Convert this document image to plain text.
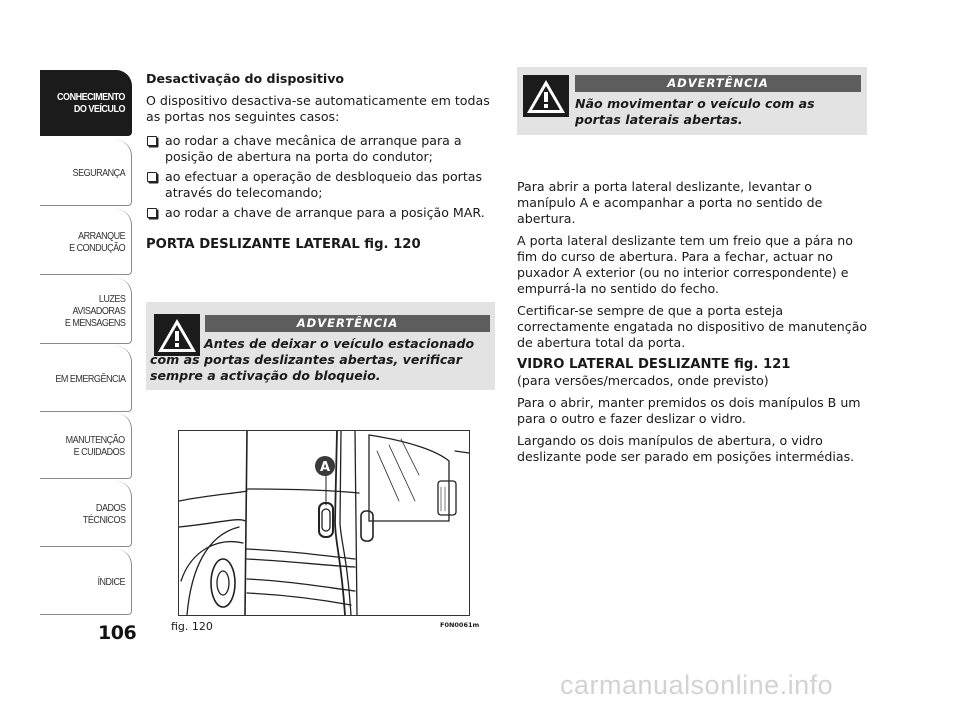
CONHECIMENTO
DO VEÍCULO
SEGURANÇA
ARRANQUE
E CONDUÇÃO
LUZES
AVISADORAS
E MENSAGENS
EM EMERGÊNCIA
MANUTENÇÃO
E CUIDADOS
DADOS
TÉCNICOS
ÍNDICE
106

Desactivação do dispositivo

O dispositivo desactiva-se automaticamente em todas as portas nos seguintes casos:

ao rodar a chave mecânica de arranque para a posição de abertura na porta do condutor;
ao efectuar a operação de desbloqueio das portas através do telecomando;
ao rodar a chave de arranque para a posição MAR.

PORTA DESLIZANTE LATERAL fig. 120

ADVERTÊNCIA
Antes de deixar o veículo estacionado com as portas deslizantes abertas, verificar sempre a activação do bloqueio.
A
fig. 120	F0N0061m
ADVERTÊNCIA
Não movimentar o veículo com as portas laterais abertas.

Para abrir a porta lateral deslizante, levantar o manípulo A e acompanhar a porta no sentido de abertura.

A porta lateral deslizante tem um freio que a pára no fim do curso de abertura. Para a fechar, actuar no puxador A exterior (ou no interior correspondente) e empurrá-la no sentido do fecho.

Certificar-se sempre de que a porta esteja correctamente engatada no dispositivo de manutenção de abertura total da porta.

VIDRO LATERAL DESLIZANTE fig. 121

(para versões/mercados, onde previsto)

Para o abrir, manter premidos os dois manípulos B um para o outro e fazer deslizar o vidro.

Largando os dois manípulos de abertura, o vidro deslizante pode ser parado em posições intermédias.

carmanualsonline.info
